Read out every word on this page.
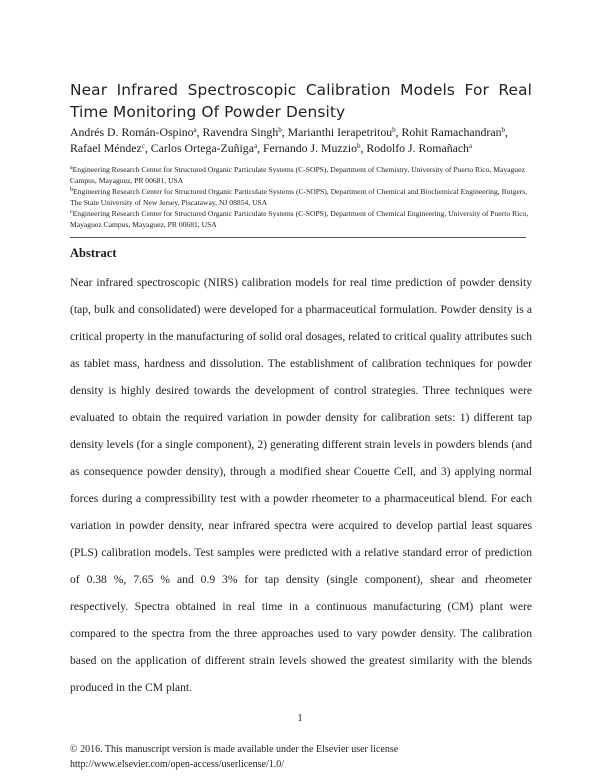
Near Infrared Spectroscopic Calibration Models For Real Time Monitoring Of Powder Density
Andrés D. Román-Ospino$^a$, Ravendra Singh$^b$, Marianthi Ierapetritou$^b$, Rohit Ramachandran$^b$, Rafael Méndez$^c$, Carlos Ortega-Zuñiga$^a$, Fernando J. Muzzio$^b$, Rodolfo J. Romañach$^a$
$^a$Engineering Research Center for Structured Organic Particulate Systems (C-SOPS), Department of Chemistry, University of Puerto Rico, Mayaguez Campus, Mayaguez, PR 00681, USA
$^b$Engineering Research Center for Structured Organic Particulate Systems (C-SOPS), Department of Chemical and Biochemical Engineering, Rutgers, The State University of New Jersey, Piscataway, NJ 08854, USA
$^c$Engineering Research Center for Structured Organic Particulate Systems (C-SOPS), Department of Chemical Engineering, University of Puerto Rico, Mayaguez Campus, Mayaguez, PR 00681, USA
Abstract
Near infrared spectroscopic (NIRS) calibration models for real time prediction of powder density (tap, bulk and consolidated) were developed for a pharmaceutical formulation. Powder density is a critical property in the manufacturing of solid oral dosages, related to critical quality attributes such as tablet mass, hardness and dissolution. The establishment of calibration techniques for powder density is highly desired towards the development of control strategies. Three techniques were evaluated to obtain the required variation in powder density for calibration sets: 1) different tap density levels (for a single component), 2) generating different strain levels in powders blends (and as consequence powder density), through a modified shear Couette Cell, and 3) applying normal forces during a compressibility test with a powder rheometer to a pharmaceutical blend. For each variation in powder density, near infrared spectra were acquired to develop partial least squares (PLS) calibration models. Test samples were predicted with a relative standard error of prediction of 0.38 %, 7.65 % and 0.9 3% for tap density (single component), shear and rheometer respectively. Spectra obtained in real time in a continuous manufacturing (CM) plant were compared to the spectra from the three approaches used to vary powder density. The calibration based on the application of different strain levels showed the greatest similarity with the blends produced in the CM plant.
1
© 2016. This manuscript version is made available under the Elsevier user license
http://www.elsevier.com/open-access/userlicense/1.0/
